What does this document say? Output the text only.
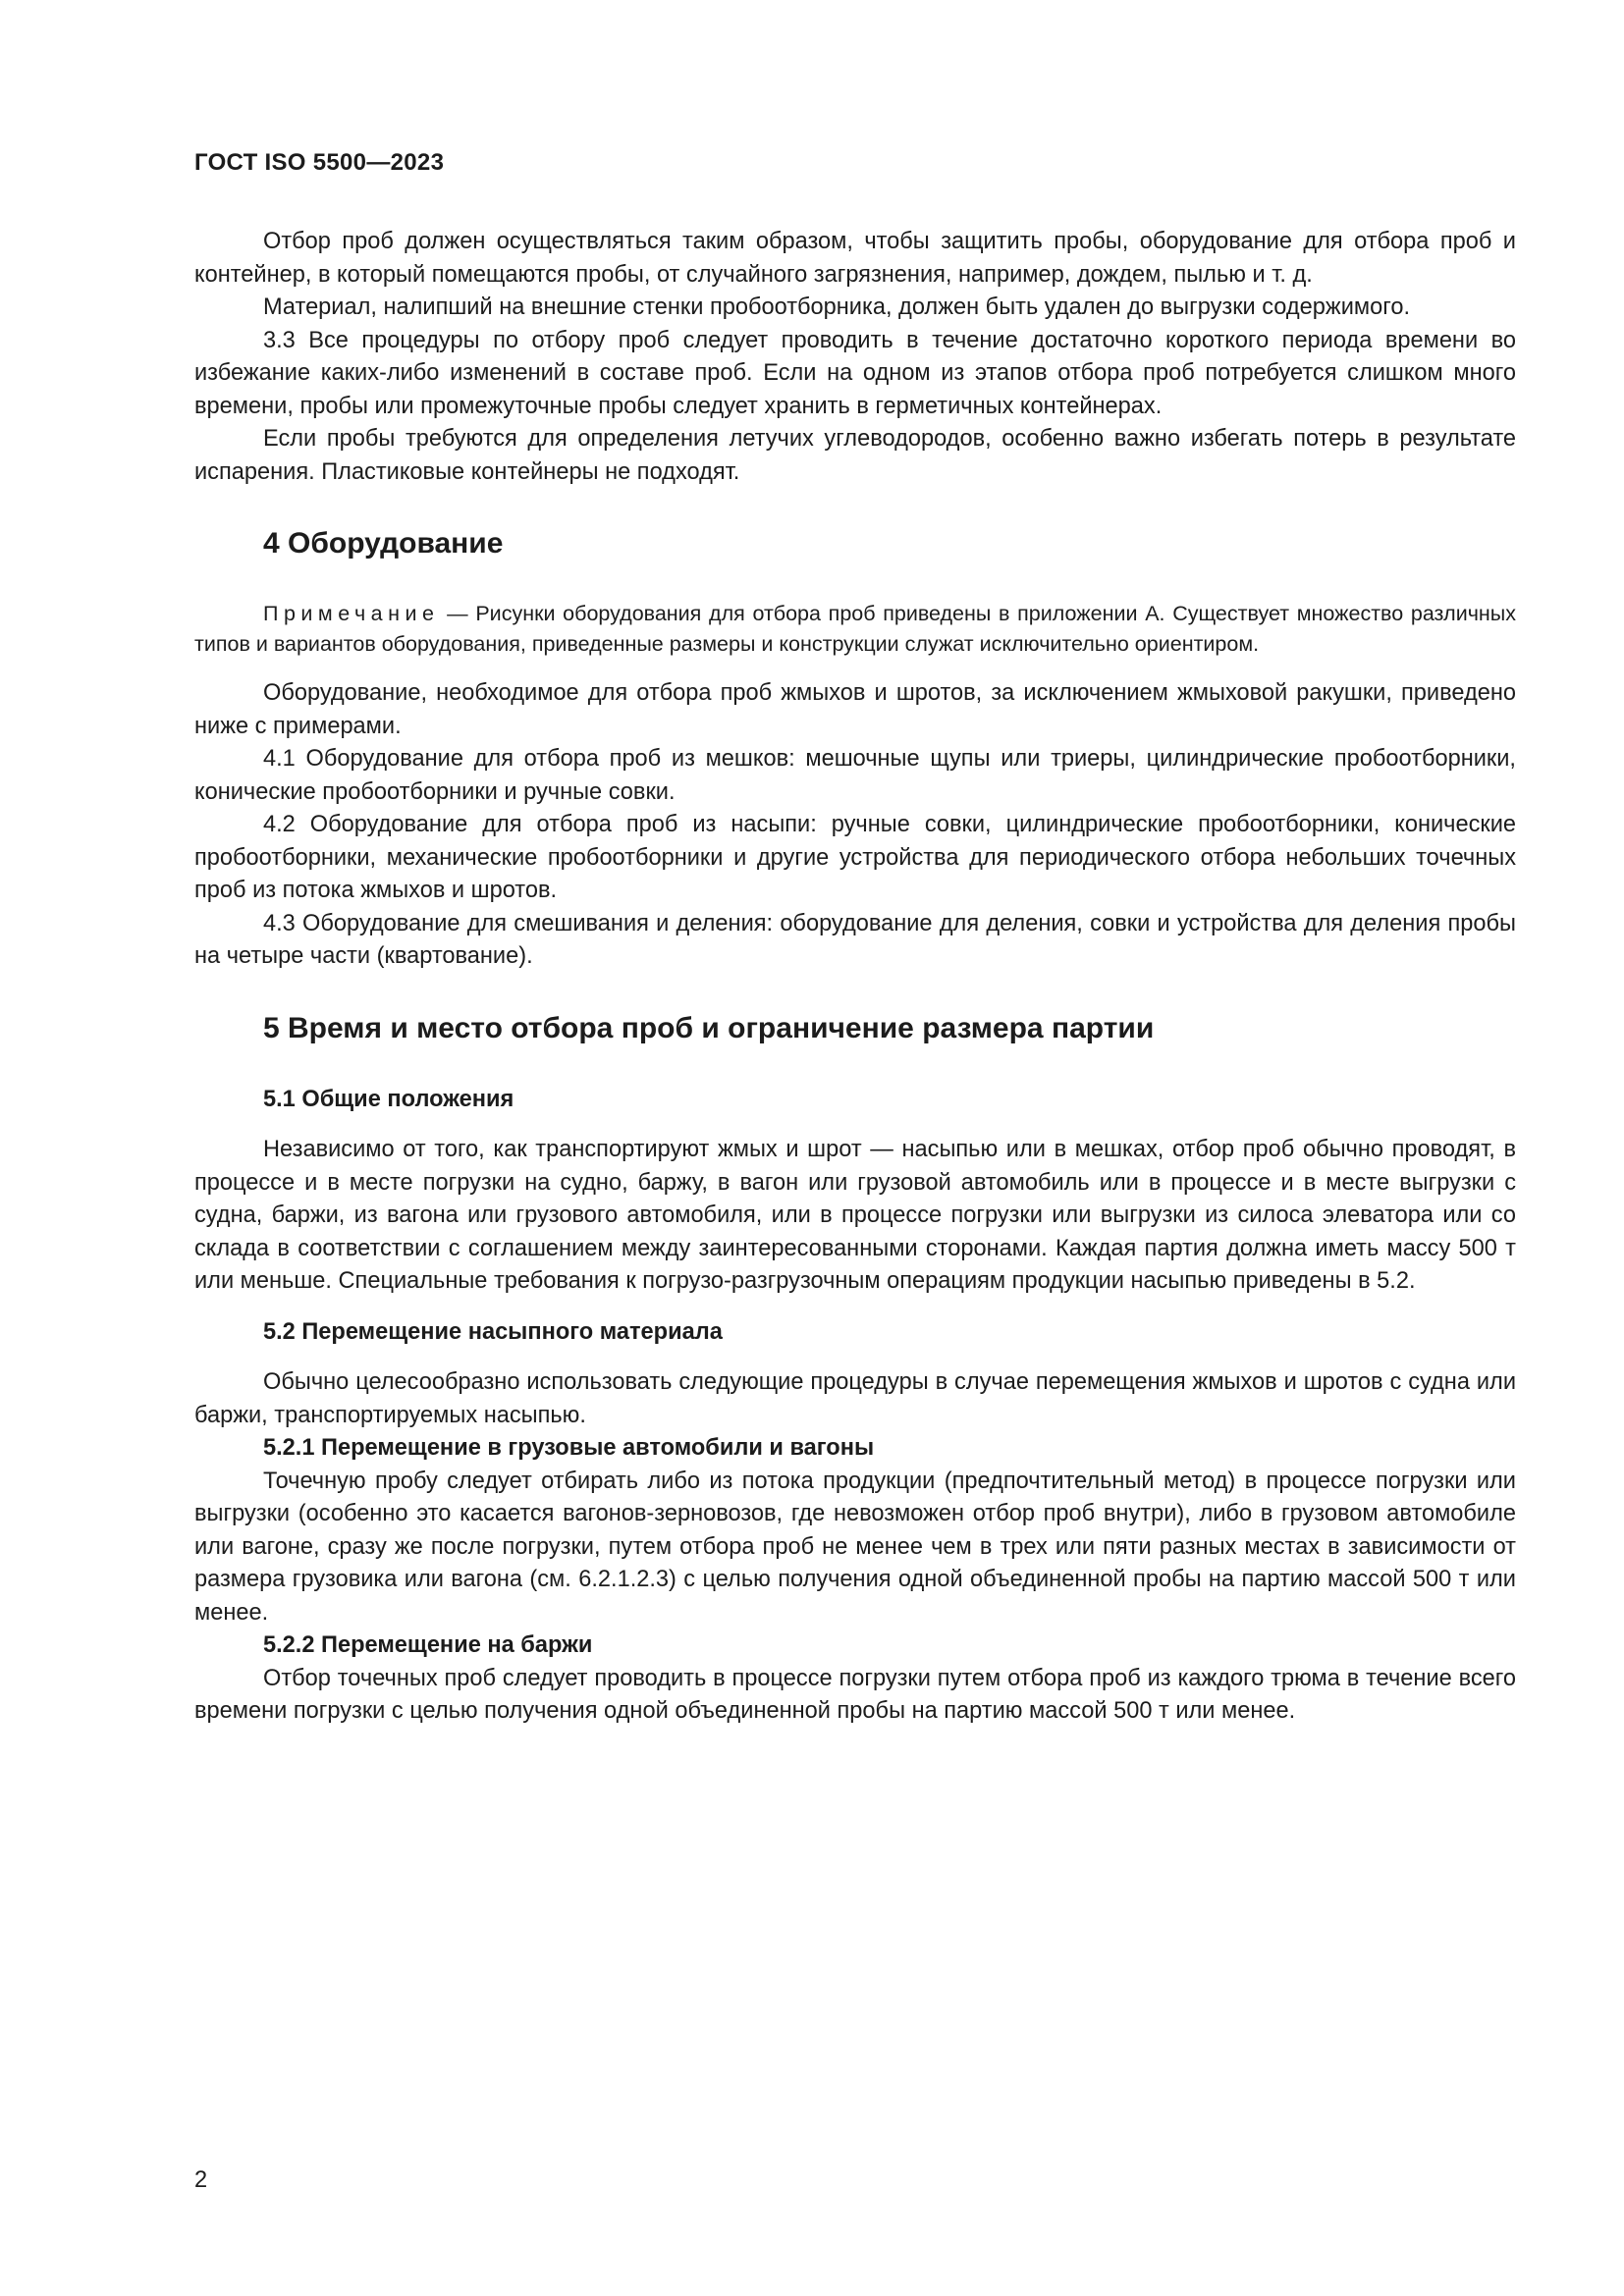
ГОСТ ISO 5500—2023

Отбор проб должен осуществляться таким образом, чтобы защитить пробы, оборудование для отбора проб и контейнер, в который помещаются пробы, от случайного загрязнения, например, дождем, пылью и т. д.

Материал, налипший на внешние стенки пробоотборника, должен быть удален до выгрузки содержимого.

3.3 Все процедуры по отбору проб следует проводить в течение достаточно короткого периода времени во избежание каких-либо изменений в составе проб. Если на одном из этапов отбора проб потребуется слишком много времени, пробы или промежуточные пробы следует хранить в герметичных контейнерах.

Если пробы требуются для определения летучих углеводородов, особенно важно избегать потерь в результате испарения. Пластиковые контейнеры не подходят.

4 Оборудование

Примечание — Рисунки оборудования для отбора проб приведены в приложении А. Существует множество различных типов и вариантов оборудования, приведенные размеры и конструкции служат исключительно ориентиром.

Оборудование, необходимое для отбора проб жмыхов и шротов, за исключением жмыховой ракушки, приведено ниже с примерами.

4.1 Оборудование для отбора проб из мешков: мешочные щупы или триеры, цилиндрические пробоотборники, конические пробоотборники и ручные совки.

4.2 Оборудование для отбора проб из насыпи: ручные совки, цилиндрические пробоотборники, конические пробоотборники, механические пробоотборники и другие устройства для периодического отбора небольших точечных проб из потока жмыхов и шротов.

4.3 Оборудование для смешивания и деления: оборудование для деления, совки и устройства для деления пробы на четыре части (квартование).

5 Время и место отбора проб и ограничение размера партии
5.1 Общие положения

Независимо от того, как транспортируют жмых и шрот — насыпью или в мешках, отбор проб обычно проводят, в процессе и в месте погрузки на судно, баржу, в вагон или грузовой автомобиль или в процессе и в месте выгрузки с судна, баржи, из вагона или грузового автомобиля, или в процессе погрузки или выгрузки из силоса элеватора или со склада в соответствии с соглашением между заинтересованными сторонами. Каждая партия должна иметь массу 500 т или меньше. Специальные требования к погрузо-разгрузочным операциям продукции насыпью приведены в 5.2.

5.2 Перемещение насыпного материала

Обычно целесообразно использовать следующие процедуры в случае перемещения жмыхов и шротов с судна или баржи, транспортируемых насыпью.

5.2.1 Перемещение в грузовые автомобили и вагоны

Точечную пробу следует отбирать либо из потока продукции (предпочтительный метод) в процессе погрузки или выгрузки (особенно это касается вагонов-зерновозов, где невозможен отбор проб внутри), либо в грузовом автомобиле или вагоне, сразу же после погрузки, путем отбора проб не менее чем в трех или пяти разных местах в зависимости от размера грузовика или вагона (см. 6.2.1.2.3) с целью получения одной объединенной пробы на партию массой 500 т или менее.

5.2.2 Перемещение на баржи

Отбор точечных проб следует проводить в процессе погрузки путем отбора проб из каждого трюма в течение всего времени погрузки с целью получения одной объединенной пробы на партию массой 500 т или менее.

2
